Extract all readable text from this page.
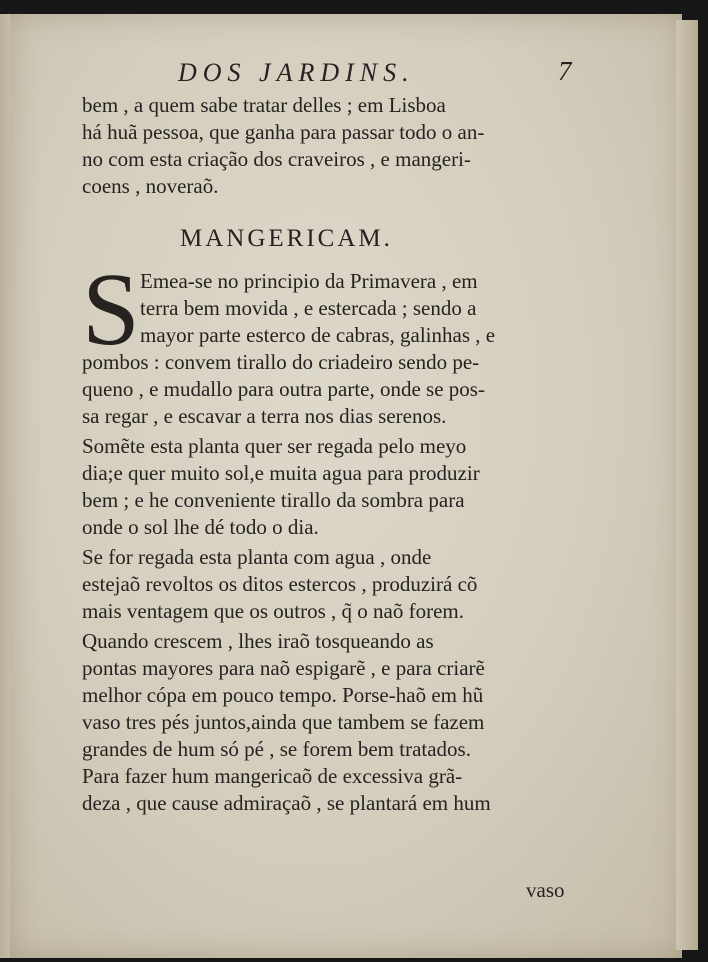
DOS JARDINS.	7
bem , a quem sabe tratar delles ; em Lisboa
há huã pessoa, que ganha para passar todo o an-
no com esta criação dos craveiros , e mangeri-
coens , noveraõ.
MANGERICAM.
S Emea-se no principio da Primavera , em
terra bem movida , e estercada ; sendo a
mayor parte esterco de cabras, galinhas , e
pombos : convem tirallo do criadeiro sendo pe-
queno , e mudallo para outra parte, onde se pos-
sa regar , e escavar a terra nos dias serenos.
Somẽte esta planta quer ser regada pelo meyo
dia;e quer muito sol,e muita agua para produzir
bem ; e he conveniente tirallo da sombra para
onde o sol lhe dé todo o dia.
Se for regada esta planta com agua , onde
estejaõ revoltos os ditos estercos , produzirá cõ
mais ventagem que os outros , q̃ o naõ forem.
Quando crescem , lhes iraõ tosqueando as
pontas mayores para naõ espigarẽ , e para criarẽ
melhor cópa em pouco tempo. Porse-haõ em hũ
vaso tres pés juntos,ainda que tambem se fazem
grandes de hum só pé , se forem bem tratados.
Para fazer hum mangericaõ de excessiva grã-
deza , que cause admiraçaõ , se plantará em hum
vaso
